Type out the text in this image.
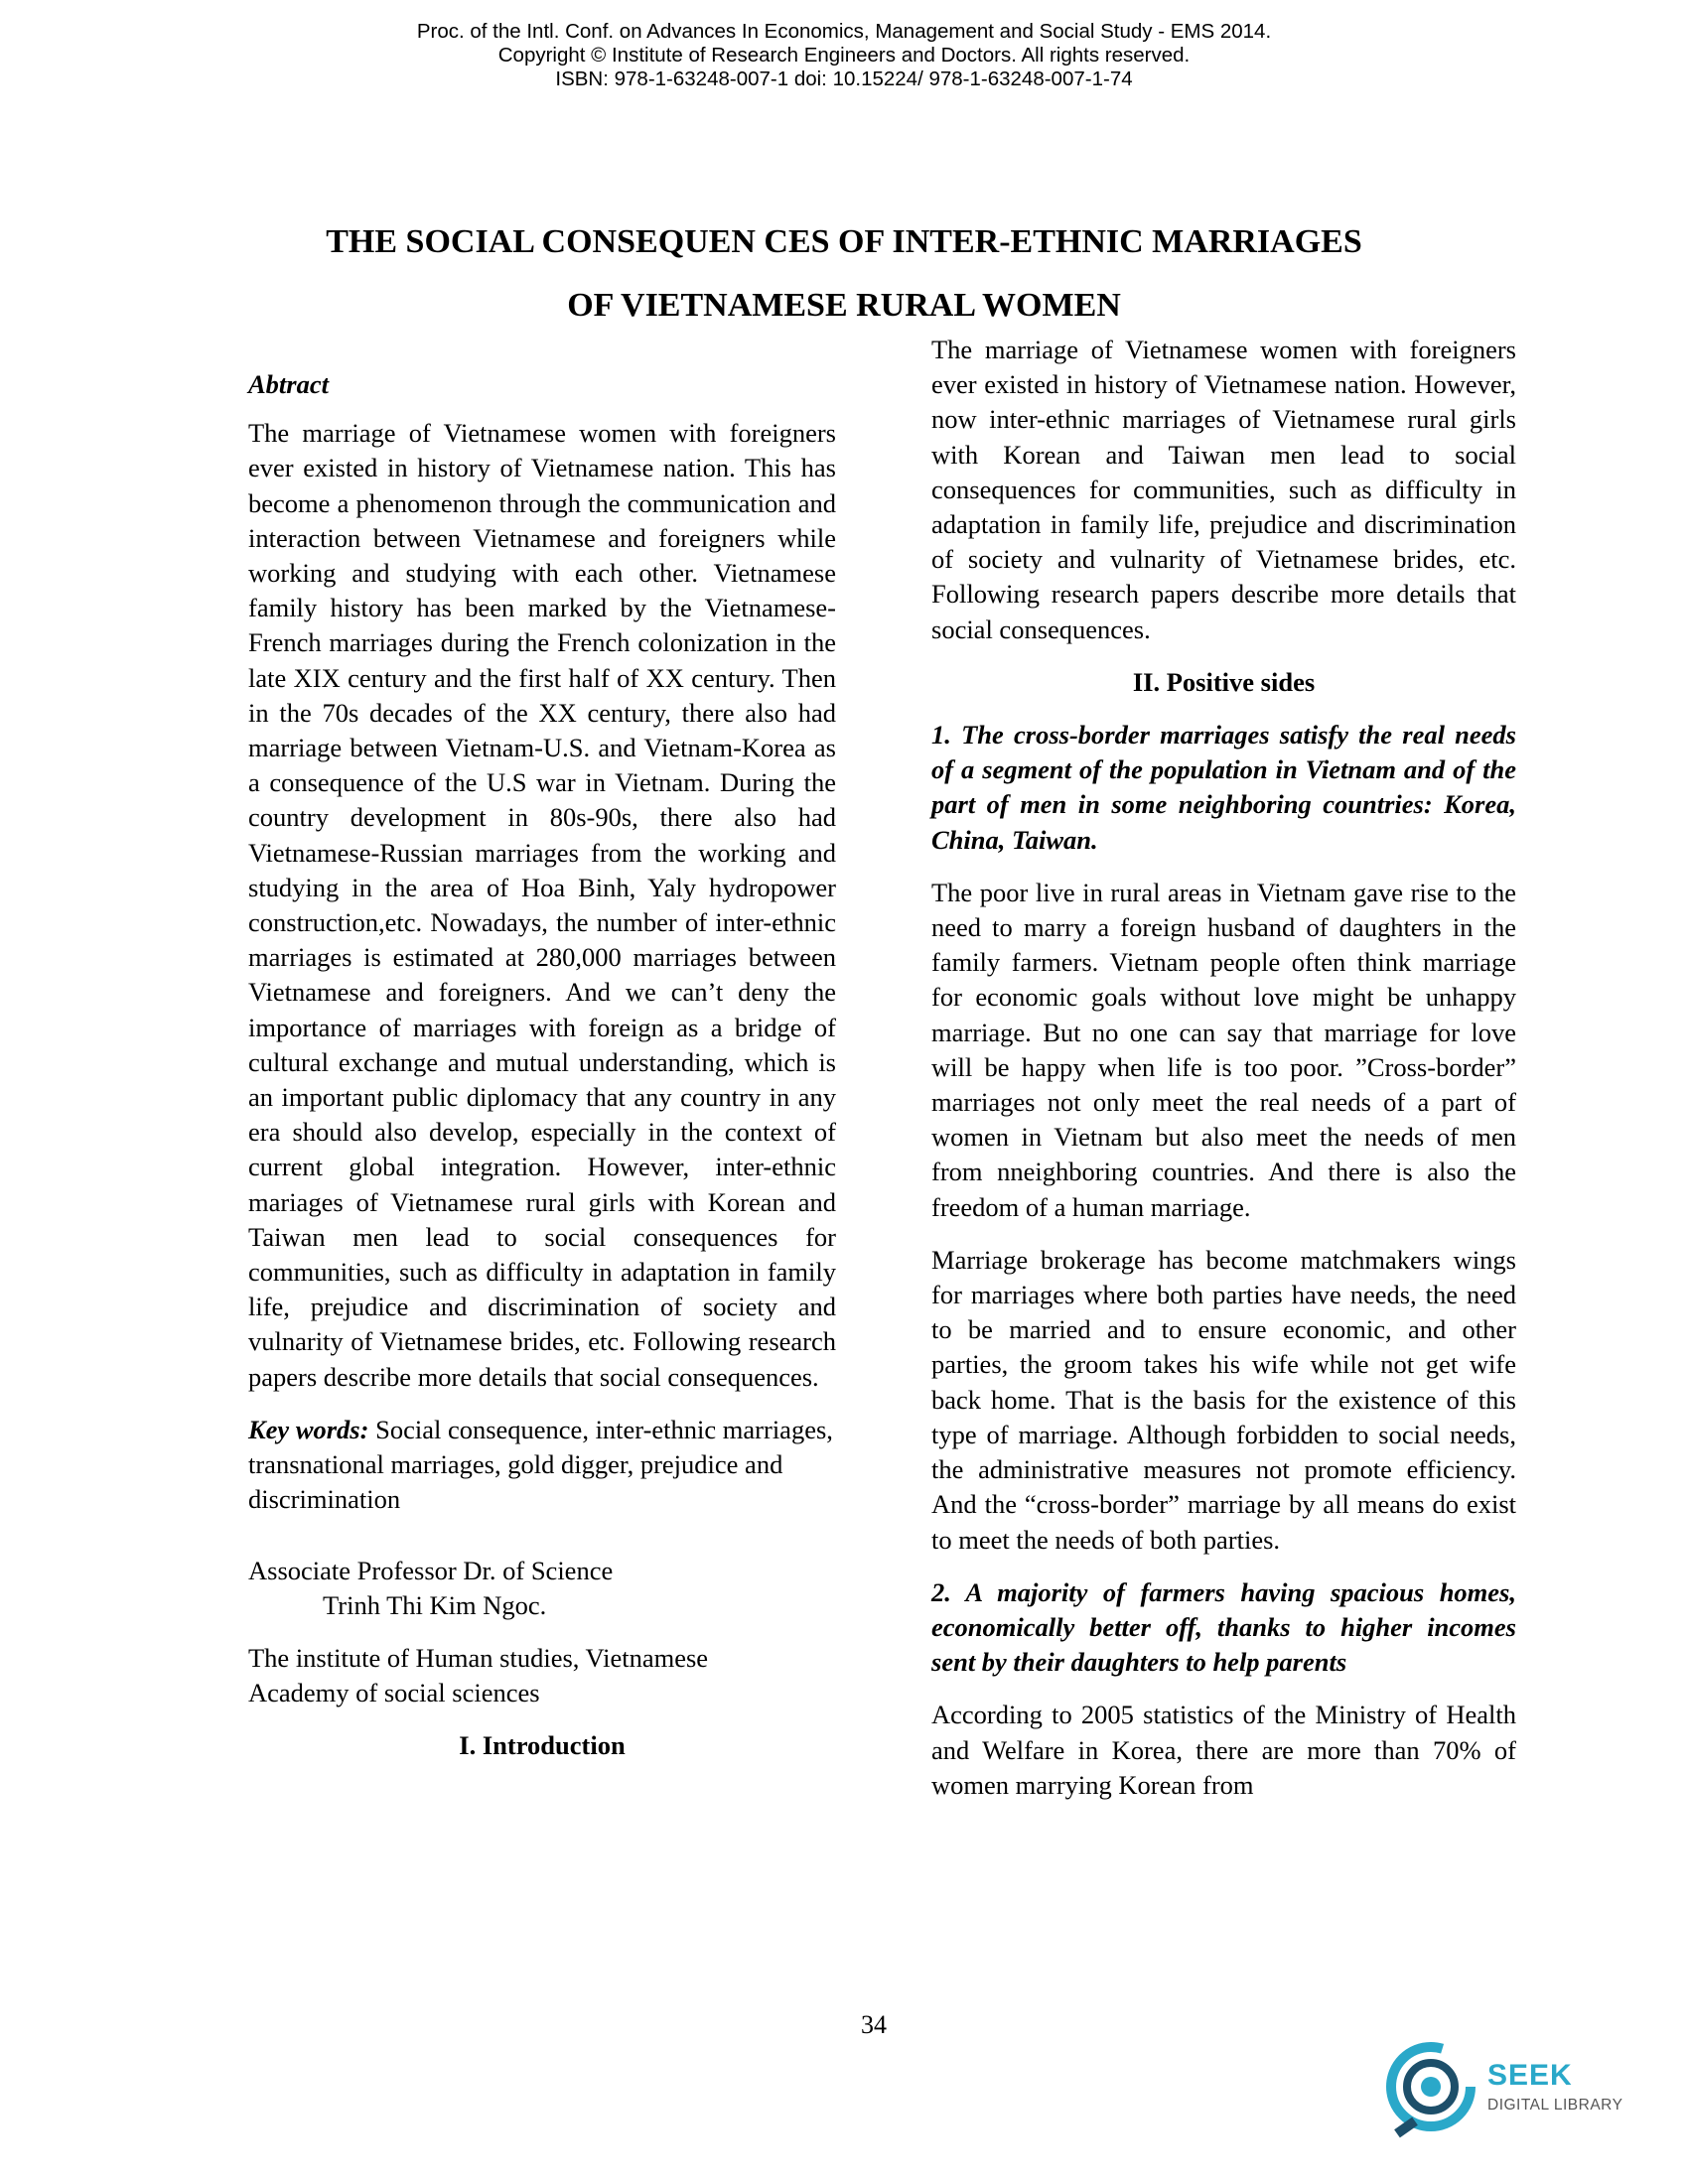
Proc. of the Intl. Conf. on Advances In Economics, Management and Social Study - EMS 2014.
Copyright © Institute of Research Engineers and Doctors. All rights reserved.
ISBN: 978-1-63248-007-1 doi: 10.15224/ 978-1-63248-007-1-74
THE SOCIAL CONSEQUEN CES OF INTER-ETHNIC MARRIAGES
OF VIETNAMESE RURAL WOMEN

Abtract

The marriage of Vietnamese women with foreigners ever existed in history of Vietnamese nation. This has become a phenomenon through the communication and interaction between Vietnamese and foreigners while working and studying with each other. Vietnamese family history has been marked by the Vietnamese-French marriages during the French colonization in the late XIX century and the first half of XX century. Then in the 70s decades of the XX century, there also had marriage between Vietnam-U.S. and Vietnam-Korea as a consequence of the U.S war in Vietnam. During the country development in 80s-90s, there also had Vietnamese-Russian marriages from the working and studying in the area of Hoa Binh, Yaly hydropower construction,etc. Nowadays, the number of inter-ethnic marriages is estimated at 280,000 marriages between Vietnamese and foreigners. And we can’t deny the importance of marriages with foreign as a bridge of cultural exchange and mutual understanding, which is an important public diplomacy that any country in any era should also develop, especially in the context of current global integration. However, inter-ethnic mariages of Vietnamese rural girls with Korean and Taiwan men lead to social consequences for communities, such as difficulty in adaptation in family life, prejudice and discrimination of society and vulnarity of Vietnamese brides, etc. Following research papers describe more details that social consequences.

Key words: Social consequence, inter-ethnic marriages, transnational marriages, gold digger, prejudice and discrimination

Associate Professor Dr. of Science

Trinh Thi Kim Ngoc.

The institute of Human studies, Vietnamese

Academy of social sciences

I. Introduction

The marriage of Vietnamese women with foreigners ever existed in history of Vietnamese nation. However, now inter-ethnic marriages of Vietnamese rural girls with Korean and Taiwan men lead to social consequences for communities, such as difficulty in adaptation in family life, prejudice and discrimination of society and vulnarity of Vietnamese brides, etc. Following research papers describe more details that social consequences.

II. Positive sides

1. The cross-border marriages satisfy the real needs of a segment of the population in Vietnam and of the part of men in some neighboring countries: Korea, China, Taiwan.

The poor live in rural areas in Vietnam gave rise to the need to marry a foreign husband of daughters in the family farmers. Vietnam people often think marriage for economic goals without love might be unhappy marriage. But no one can say that marriage for love will be happy when life is too poor. ”Cross-border” marriages not only meet the real needs of a part of women in Vietnam but also meet the needs of men from nneighboring countries. And there is also the freedom of a human marriage.

Marriage brokerage has become matchmakers wings for marriages where both parties have needs, the need to be married and to ensure economic, and other parties, the groom takes his wife while not get wife back home. That is the basis for the existence of this type of marriage. Although forbidden to social needs, the administrative measures not promote efficiency. And the “cross-border” marriage by all means do exist to meet the needs of both parties.

2. A majority of farmers having spacious homes, economically better off, thanks to higher incomes sent by their daughters to help parents

According to 2005 statistics of the Ministry of Health and Welfare in Korea, there are more than 70% of women marrying Korean from

34
SEEK
DIGITAL LIBRARY
